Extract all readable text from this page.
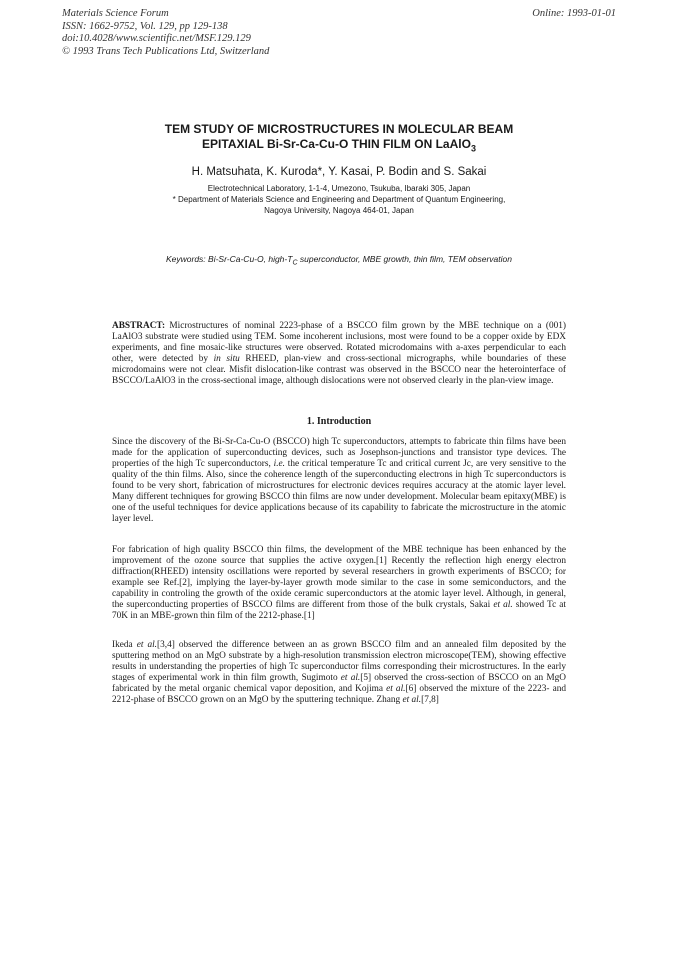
Materials Science Forum
ISSN: 1662-9752, Vol. 129, pp 129-138
doi:10.4028/www.scientific.net/MSF.129.129
© 1993 Trans Tech Publications Ltd, Switzerland
Online: 1993-01-01
TEM STUDY OF MICROSTRUCTURES IN MOLECULAR BEAM
EPITAXIAL Bi-Sr-Ca-Cu-O THIN FILM ON LaAlO$_3$
H. Matsuhata, K. Kuroda*, Y. Kasai, P. Bodin and S. Sakai
Electrotechnical Laboratory, 1-1-4, Umezono, Tsukuba, Ibaraki 305, Japan
* Department of Materials Science and Engineering and Department of Quantum Engineering,
Nagoya University, Nagoya 464-01, Japan
Keywords: Bi-Sr-Ca-Cu-O, high-$T_C$ superconductor, MBE growth, thin film, TEM observation

ABSTRACT: Microstructures of nominal 2223-phase of a BSCCO film grown by the MBE technique on a (001) LaAlO3 substrate were studied using TEM. Some incoherent inclusions, most were found to be a copper oxide by EDX experiments, and fine mosaic-like structures were observed. Rotated microdomains with a-axes perpendicular to each other, were detected by in situ RHEED, plan-view and cross-sectional micrographs, while boundaries of these microdomains were not clear. Misfit dislocation-like contrast was observed in the BSCCO near the heterointerface of BSCCO/LaAlO3 in the cross-sectional image, although dislocations were not observed clearly in the plan-view image.

1. Introduction

Since the discovery of the Bi-Sr-Ca-Cu-O (BSCCO) high Tc superconductors, attempts to fabricate thin films have been made for the application of superconducting devices, such as Josephson-junctions and transistor type devices. The properties of the high Tc superconductors, i.e. the critical temperature Tc and critical current Jc, are very sensitive to the quality of the thin films. Also, since the coherence length of the superconducting electrons in high Tc superconductors is found to be very short, fabrication of microstructures for electronic devices requires accuracy at the atomic layer level. Many different techniques for growing BSCCO thin films are now under development. Molecular beam epitaxy(MBE) is one of the useful techniques for device applications because of its capability to fabricate the microstructure in the atomic layer level.

For fabrication of high quality BSCCO thin films, the development of the MBE technique has been enhanced by the improvement of the ozone source that supplies the active oxygen.[1] Recently the reflection high energy electron diffraction(RHEED) intensity oscillations were reported by several researchers in growth experiments of BSCCO; for example see Ref.[2], implying the layer-by-layer growth mode similar to the case in some semiconductors, and the capability in controling the growth of the oxide ceramic superconductors at the atomic layer level. Although, in general, the superconducting properties of BSCCO films are different from those of the bulk crystals, Sakai et al. showed Tc at 70K in an MBE-grown thin film of the 2212-phase.[1]

Ikeda et al.[3,4] observed the difference between an as grown BSCCO film and an annealed film deposited by the sputtering method on an MgO substrate by a high-resolution transmission electron microscope(TEM), showing effective results in understanding the properties of high Tc superconductor films corresponding their microstructures. In the early stages of experimental work in thin film growth, Sugimoto et al.[5] observed the cross-section of BSCCO on an MgO fabricated by the metal organic chemical vapor deposition, and Kojima et al.[6] observed the mixture of the 2223- and 2212-phase of BSCCO grown on an MgO by the sputtering technique. Zhang et al.[7,8]
